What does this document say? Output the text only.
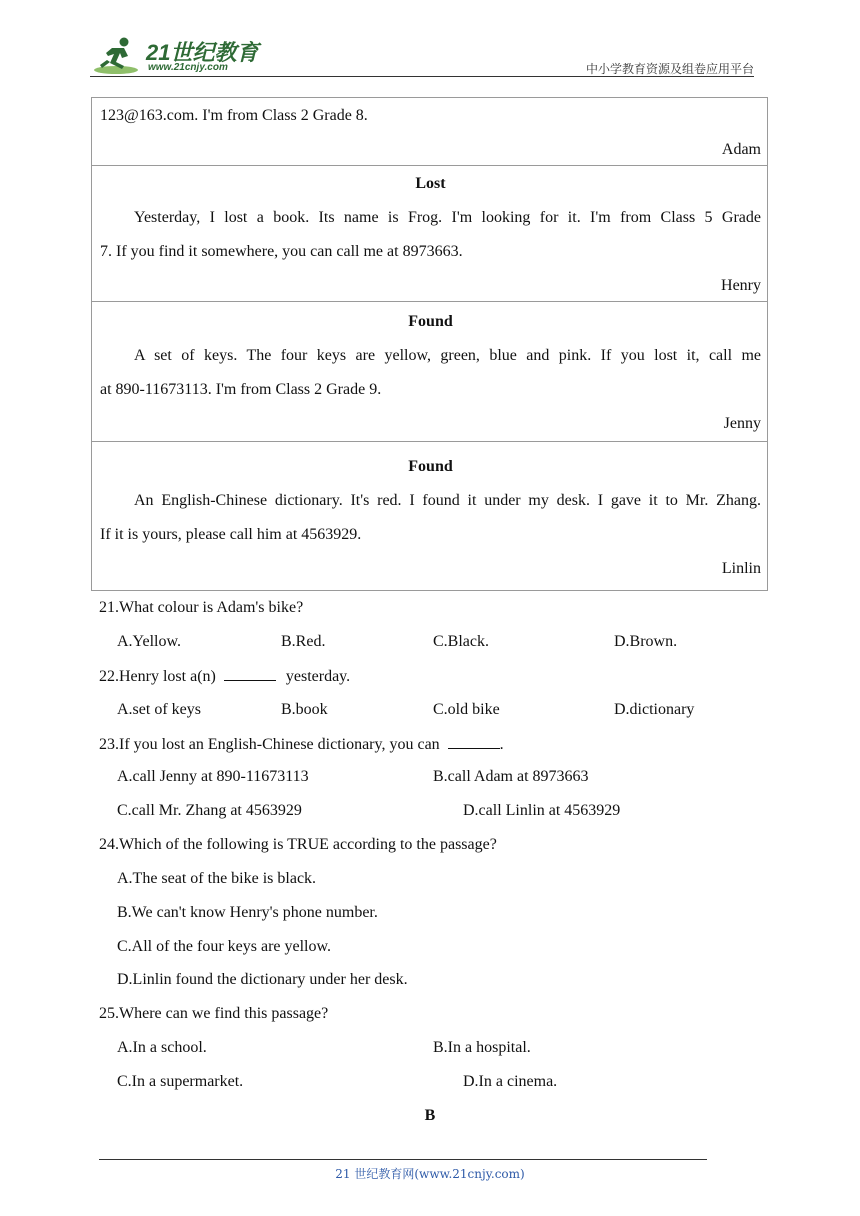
21世纪教育
www.21cnjy.com	中小学教育资源及组卷应用平台
123@163.com. I'm from Class 2 Grade 8.
Adam
Lost
Yesterday, I lost a book. Its name is Frog. I'm looking for it. I'm from Class 5 Grade
7. If you find it somewhere, you can call me at 8973663.
Henry
Found
A set of keys. The four keys are yellow, green, blue and pink. If you lost it, call me
at 890-11673113. I'm from Class 2 Grade 9.
Jenny
Found
An English-Chinese dictionary. It's red. I found it under my desk. I gave it to Mr. Zhang.
If it is yours, please call him at 4563929.
Linlin
21.What colour is Adam's bike?
A.Yellow.	B.Red.	C.Black.	D.Brown.
22.Henry lost a(n)	yesterday.
A.set of keys	B.book	C.old bike	D.dictionary
23.If you lost an English-Chinese dictionary, you can	.
A.call Jenny at 890-11673113	B.call Adam at 8973663
C.call Mr. Zhang at 4563929	D.call Linlin at 4563929
24.Which of the following is TRUE according to the passage?
A.The seat of the bike is black.
B.We can't know Henry's phone number.
C.All of the four keys are yellow.
D.Linlin found the dictionary under her desk.
25.Where can we find this passage?
A.In a school.	B.In a hospital.
C.In a supermarket.	D.In a cinema.
B
21 世纪教育网(www.21cnjy.com)
